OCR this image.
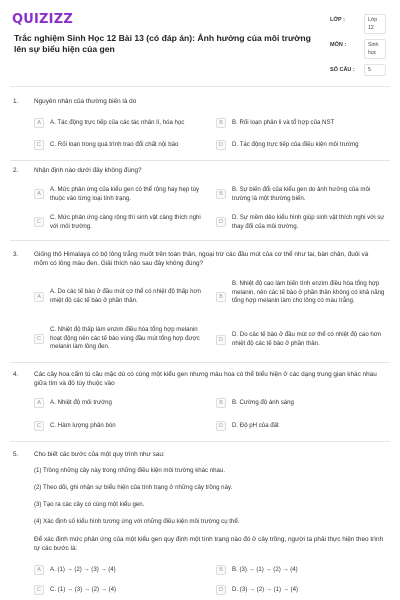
QUIZIZZ
Trắc nghiệm Sinh Học 12 Bài 13 (có đáp án): Ảnh hưởng của môi trường lên sự biểu hiện của gen
LỚP :	Lớp 12
MÔN :	Sinh học
SỐ CÂU :	5
1. Nguyên nhân của thường biến là do
A	A. Tác động trực tiếp của các tác nhân lí, hóa học	B	B. Rối loạn phân li và tổ hợp của NST
C	C. Rối loạn trong quá trình trao đổi chất nội bào	D	D. Tác động trực tiếp của điều kiện môi trường
2. Nhận định nào dưới đây không đúng?
A
A. Mức phản ứng của kiểu gen có thể rộng hay hẹp tùy thuộc vào từng loại tính trạng.
B
B. Sự biến đổi của kiểu gen do ảnh hưởng của môi trường là một thường biến.
C
C. Mức phản ứng càng rộng thì sinh vật càng thích nghi với môi trường.
D
D. Sự mềm dẻo kiểu hình giúp sinh vật thích nghi với sự thay đổi của môi trường.
3. Giống thỏ Himalaya có bộ lông trắng muốt trên toàn thân, ngoại trừ các đầu mút của cơ thể như tai, bàn chân, đuôi và mõm có lông màu đen. Giải thích nào sau đây không đúng?
A
A. Do các tế bào ở đầu mút cơ thể có nhiệt độ thấp hơn nhiệt độ các tế bào ở phần thân.	B
B. Nhiệt độ cao làm biến tính enzim điều hòa tổng hợp melanin, nên các tế bào ở phần thân không có khả năng tổng hợp melanin làm cho lông có màu trắng.
C
C. Nhiệt độ thấp làm enzim điều hòa tổng hợp melanin hoạt động nên các tế bào vùng đầu mút tổng hợp được melanin làm lông đen.
D
D. Do các tế bào ở đầu mút cơ thể có nhiệt độ cao hơn nhiệt độ các tế bào ở phần thân.
4. Các cây hoa cẩm tú cầu mặc dù có cùng một kiểu gen nhưng màu hoa có thể biểu hiện ở các dạng trung gian khác nhau giữa tím và đỏ tùy thuộc vào
A	A. Nhiệt độ môi trường	B	B. Cường độ ánh sáng
C	C. Hàm lượng phân bón	D	D. Độ pH của đất
5. Cho biết các bước của một quy trình như sau:
(1) Trồng những cây này trong những điều kiện môi trường khác nhau.
(2) Theo dõi, ghi nhận sự biểu hiện của tính trạng ở những cây trồng này.
(3) Tạo ra các cây có cùng một kiểu gen.
(4) Xác định số kiểu hình tương ứng với những điều kiện môi trường cụ thể.
Để xác định mức phản ứng của một kiểu gen quy định một tính trạng nào đó ở cây trồng, người ta phải thực hiện theo trình tự các bước là:
A	A. (1) → (2) → (3) → (4)	B	B. (3) → (1) → (2) → (4)
C	C. (1) → (3) → (2) → (4)	D	D. (3) → (2) → (1) → (4)
